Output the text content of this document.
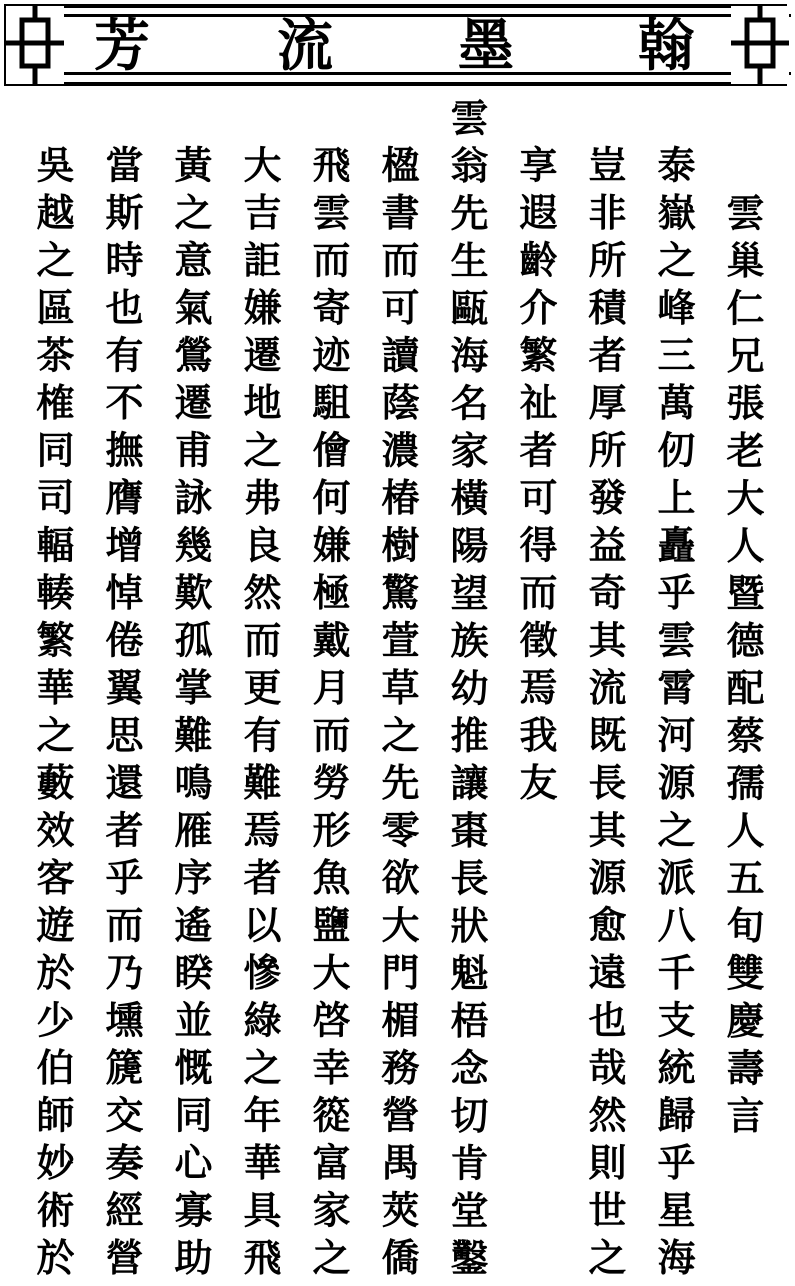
芳 流 墨 翰
雲巢仁兄張老大人暨德配蔡孺人五旬雙慶壽言
泰嶽之峰三萬仞上矗乎雲霄河源之派八千支統歸乎星海
豈非所積者厚所發益奇其流既長其源愈遠也哉然則世之
享遐齡介繁祉者可得而徵焉我友
雲翁先生甌海名家橫陽望族幼推讓棗長狀魁梧念切肯堂鑿
楹書而可讀蔭濃椿樹驚萱草之先零欲大門楣務營禺莢僑
飛雲而寄迹駔儈何嫌極戴月而勞形魚鹽大啓幸篵富家之
大吉詎嫌遷地之弗良然而更有難焉者以慘綠之年華具飛
黃之意氣鶯遷甫詠幾歎孤掌難鳴雁序遙睽並慨同心寡助
當斯時也有不撫膺增悼倦翼思還者乎而乃壎篪交奏經營
吳越之區茶榷同司輻輳繁華之藪效客遊於少伯師妙術於
